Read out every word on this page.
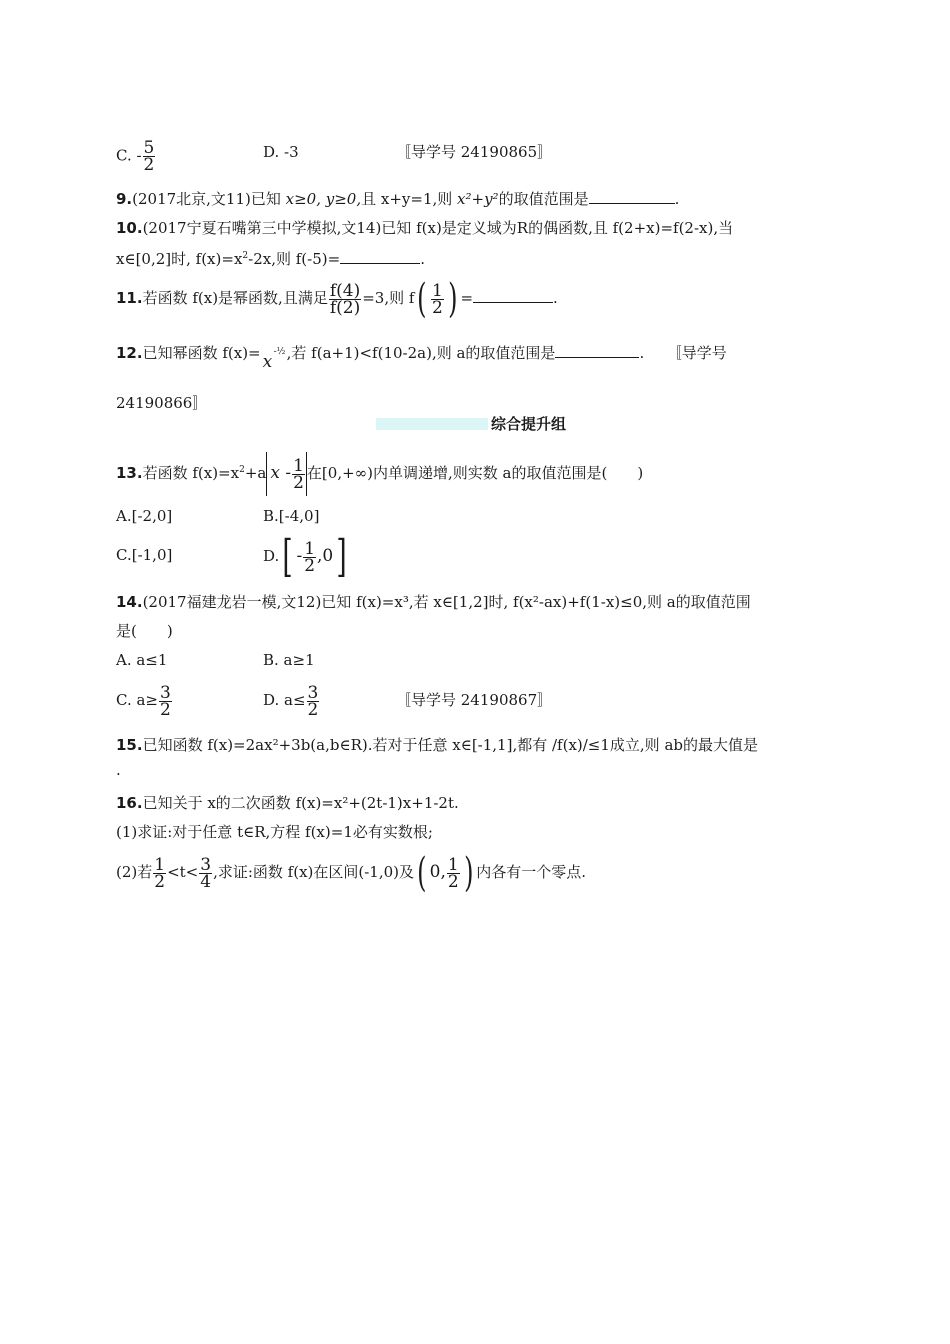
C. - $\frac{5}{2}$	D. -3	〚导学号 24190865〛
9.(2017北京,文11)已知 x≥0, y≥0,且 x+y=1,则 x²+y²的取值范围是	.
10.(2017宁夏石嘴第三中学模拟,文14)已知 f(x)是定义域为R的偶函数,且 f(2+x)=f(2-x),当
x∈[0,2]时, $f(x)=x^2-2x$,则 f(-5)=	.
11.若函数 f(x)是幂函数,且满足 $\frac{f(4)}{f(2)} =3$,则 $f( \frac{1}{2}$ ) =	.
12.已知幂函数 f(x)= x -½ ,若 f(a+1)<f(10-2a),则 a的取值范围是	.　　〚导学号
24190866〛
综合提升组
13.若函数 $f(x)=x^2+a$ x - $\frac{1}{2}$ 在[0,+∞)内单调递增,则实数 a的取值范围是(　　)
A.[-2,0]	B.[-4,0]
C.[-1,0]	$D.[ - \frac{1}{2} ,0]$
14.(2017福建龙岩一模,文12)已知 f(x)=x³,若 x∈[1,2]时, f(x²-ax)+f(1-x)≤0,则 a的取值范围
是(　　)
A. a≤1	B. a≥1
C. $a\ge \frac{3}{2}$	D. $a\le \frac{3}{2}$	〚导学号 24190867〛
15.已知函数 f(x)=2ax²+3b(a,b∈R).若对于任意 x∈[-1,1],都有 /f(x)/≤1成立,则 ab的最大值是
.
16.已知关于 x的二次函数 f(x)=x²+(2t-1)x+1-2t.
(1)求证:对于任意 t∈R,方程 f(x)=1必有实数根;
(2)若 $\frac{1}{2} <t< \frac{3}{4}$ ,求证:函数 f(x)在区间(-1,0)及( 0, $\frac{1}{2}$ ) 内各有一个零点.
